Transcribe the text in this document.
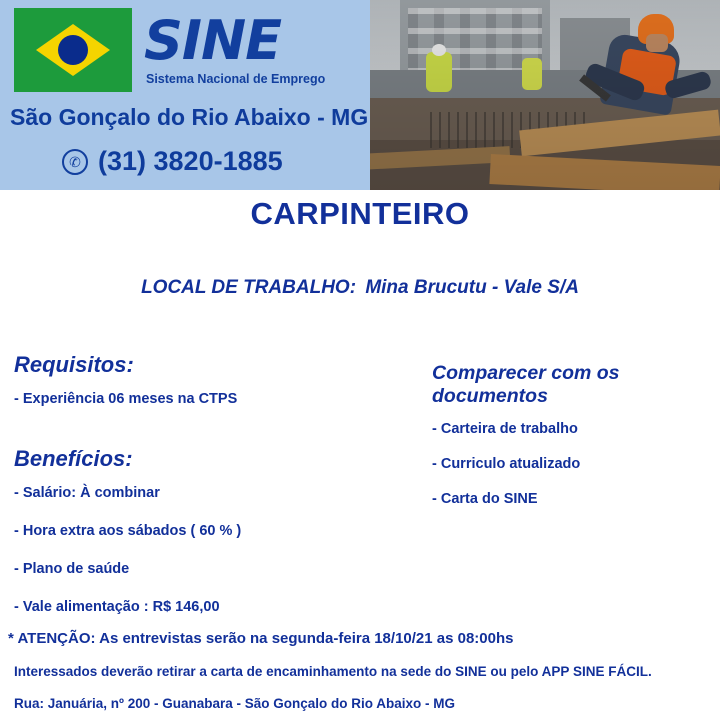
SINE
Sistema Nacional de Emprego
São Gonçalo do Rio Abaixo - MG
✆ (31) 3820-1885
CARPINTEIRO
LOCAL DE TRABALHO: Mina Brucutu - Vale S/A
Requisitos:
- Experiência 06 meses na CTPS
Benefícios:
- Salário: À combinar
- Hora extra aos sábados ( 60 % )
- Plano de saúde
- Vale alimentação : R$ 146,00
Comparecer com os documentos
- Carteira de trabalho
- Curriculo atualizado
- Carta do SINE
* ATENÇÃO: As entrevistas serão na segunda-feira 18/10/21 as 08:00hs
Interessados deverão retirar a carta de encaminhamento na sede do SINE ou pelo APP SINE FÁCIL.
Rua: Januária, nº 200 - Guanabara - São Gonçalo do Rio Abaixo - MG
